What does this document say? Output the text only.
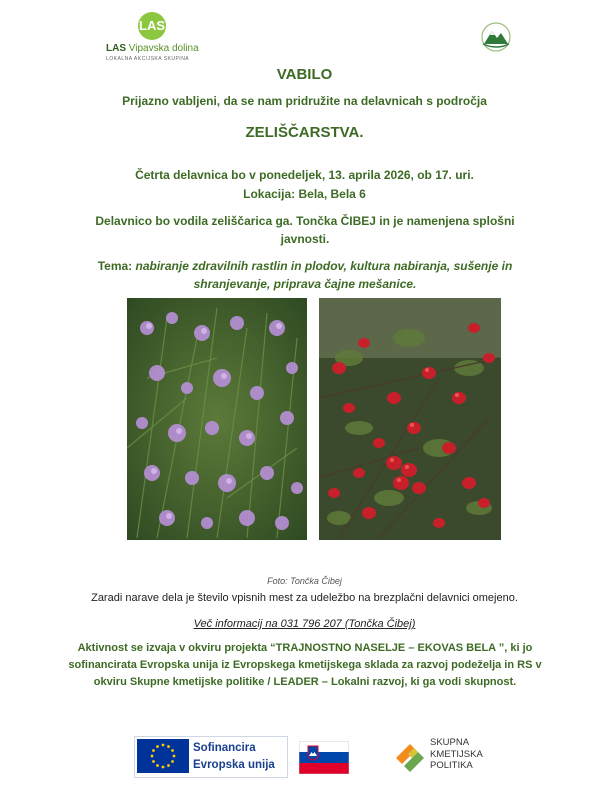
LAS
LAS Vipavska dolina
LOKALNA AKCIJSKA SKUPINA
VABILO
Prijazno vabljeni, da se nam pridružite na delavnicah s področja
ZELIŠČARSTVA.
Četrta delavnica bo v ponedeljek, 13. aprila 2026, ob 17. uri.
Lokacija: Bela, Bela 6
Delavnico bo vodila zeliščarica ga. Tončka ČIBEJ in je namenjena splošni javnosti.
Tema: nabiranje zdravilnih rastlin in plodov, kultura nabiranja, sušenje in shranjevanje, priprava čajne mešanice.
Foto: Tončka Čibej
Zaradi narave dela je število vpisnih mest za udeležbo na brezplačni delavnici omejeno.
Več informacij na 031 796 207 (Tončka Čibej)
Aktivnost se izvaja v okviru projekta “TRAJNOSTNO NASELJE – EKOVAS BELA ”, ki jo sofinancirata Evropska unija iz Evropskega kmetijskega sklada za razvoj podeželja in RS v okviru Skupne kmetijske politike / LEADER – Lokalni razvoj, ki ga vodi skupnost.
Sofinancira
Evropska unija
SKUPNA
KMETIJSKA
POLITIKA
